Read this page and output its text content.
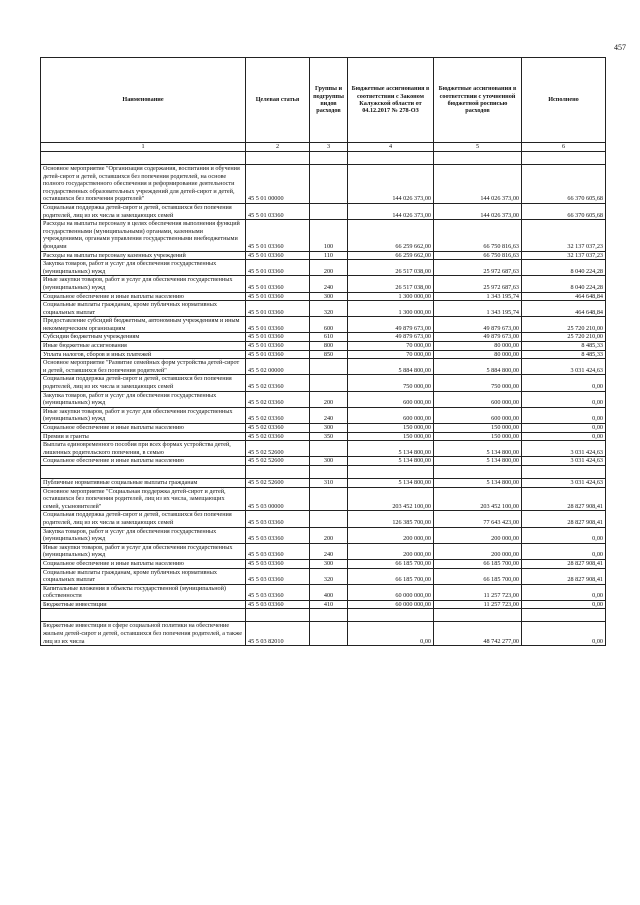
457
Наименование	Целевая статья	Группы и подгруппы видов расходов	Бюджетные ассигнования в соответствии с Законом Калужской области от 04.12.2017 № 278-ОЗ	Бюджетные ассигнования в соответствии с уточненной бюджетной росписью расходов	Исполнено
1	2	3	4	5	6

Основное мероприятие "Организация содержания, воспитания и обучения детей-сирот и детей, оставшихся без попечения родителей, на основе полного государственного обеспечения и реформирование деятельности государственных образовательных учреждений для детей-сирот и детей, оставшихся без попечения родителей"	45 5 01 00000		144 026 373,00	144 026 373,00	66 370 605,68
Социальная поддержка детей-сирот и детей, оставшихся без попечения родителей, лиц из их числа и замещающих семей	45 5 01 03360		144 026 373,00	144 026 373,00	66 370 605,68
Расходы на выплаты персоналу в целях обеспечения выполнения функций государственными (муниципальными) органами, казенными учреждениями, органами управления государственными внебюджетными фондами	45 5 01 03360	100	66 259 662,00	66 750 816,63	32 137 037,23
Расходы на выплаты персоналу казенных учреждений	45 5 01 03360	110	66 259 662,00	66 750 816,63	32 137 037,23
Закупка товаров, работ и услуг для обеспечения государственных (муниципальных) нужд	45 5 01 03360	200	26 517 038,00	25 972 687,63	8 040 224,28
Иные закупки товаров, работ и услуг для обеспечения государственных (муниципальных) нужд	45 5 01 03360	240	26 517 038,00	25 972 687,63	8 040 224,28
Социальное обеспечение и иные выплаты населению	45 5 01 03360	300	1 300 000,00	1 343 195,74	464 648,84
Социальные выплаты гражданам, кроме публичных нормативных социальных выплат	45 5 01 03360	320	1 300 000,00	1 343 195,74	464 648,84
Предоставление субсидий бюджетным, автономным учреждениям и иным некоммерческим организациям	45 5 01 03360	600	49 879 673,00	49 879 673,00	25 720 210,00
Субсидии бюджетным учреждениям	45 5 01 03360	610	49 879 673,00	49 879 673,00	25 720 210,00
Иные бюджетные ассигнования	45 5 01 03360	800	70 000,00	80 000,00	8 485,33
Уплата налогов, сборов и иных платежей	45 5 01 03360	850	70 000,00	80 000,00	8 485,33
Основное мероприятие "Развитие семейных форм устройства детей-сирот и детей, оставшихся без попечения родителей"	45 5 02 00000		5 884 800,00	5 884 800,00	3 031 424,63
Социальная поддержка детей-сирот и детей, оставшихся без попечения родителей, лиц из их числа и замещающих семей	45 5 02 03360		750 000,00	750 000,00	0,00
Закупка товаров, работ и услуг для обеспечения государственных (муниципальных) нужд	45 5 02 03360	200	600 000,00	600 000,00	0,00
Иные закупки товаров, работ и услуг для обеспечения государственных (муниципальных) нужд	45 5 02 03360	240	600 000,00	600 000,00	0,00
Социальное обеспечение и иные выплаты населению	45 5 02 03360	300	150 000,00	150 000,00	0,00
Премии и гранты	45 5 02 03360	350	150 000,00	150 000,00	0,00
Выплата единовременного пособия при всех формах устройства детей, лишенных родительского попечения, в семью	45 5 02 52600		5 134 800,00	5 134 800,00	3 031 424,63
Социальное обеспечение и иные выплаты населению	45 5 02 52600	300	5 134 800,00	5 134 800,00	3 031 424,63

Публичные нормативные социальные выплаты гражданам	45 5 02 52600	310	5 134 800,00	5 134 800,00	3 031 424,63
Основное мероприятие "Социальная поддержка детей-сирот и детей, оставшихся без попечения родителей, лиц из их числа, замещающих семей, усыновителей"	45 5 03 00000		203 452 100,00	203 452 100,00	28 827 908,41
Социальная поддержка детей-сирот и детей, оставшихся без попечения родителей, лиц из их числа и замещающих семей	45 5 03 03360		126 385 700,00	77 643 423,00	28 827 908,41
Закупка товаров, работ и услуг для обеспечения государственных (муниципальных) нужд	45 5 03 03360	200	200 000,00	200 000,00	0,00
Иные закупки товаров, работ и услуг для обеспечения государственных (муниципальных) нужд	45 5 03 03360	240	200 000,00	200 000,00	0,00
Социальное обеспечение и иные выплаты населению	45 5 03 03360	300	66 185 700,00	66 185 700,00	28 827 908,41
Социальные выплаты гражданам, кроме публичных нормативных социальных выплат	45 5 03 03360	320	66 185 700,00	66 185 700,00	28 827 908,41
Капитальные вложения в объекты государственной (муниципальной) собственности	45 5 03 03360	400	60 000 000,00	11 257 723,00	0,00
Бюджетные инвестиции	45 5 03 03360	410	60 000 000,00	11 257 723,00	0,00

Бюджетные инвестиции в сфере социальной политики на обеспечение жильем детей-сирот и детей, оставшихся без попечения родителей, а также лиц из их числа	45 5 03 82010		0,00	48 742 277,00	0,00
